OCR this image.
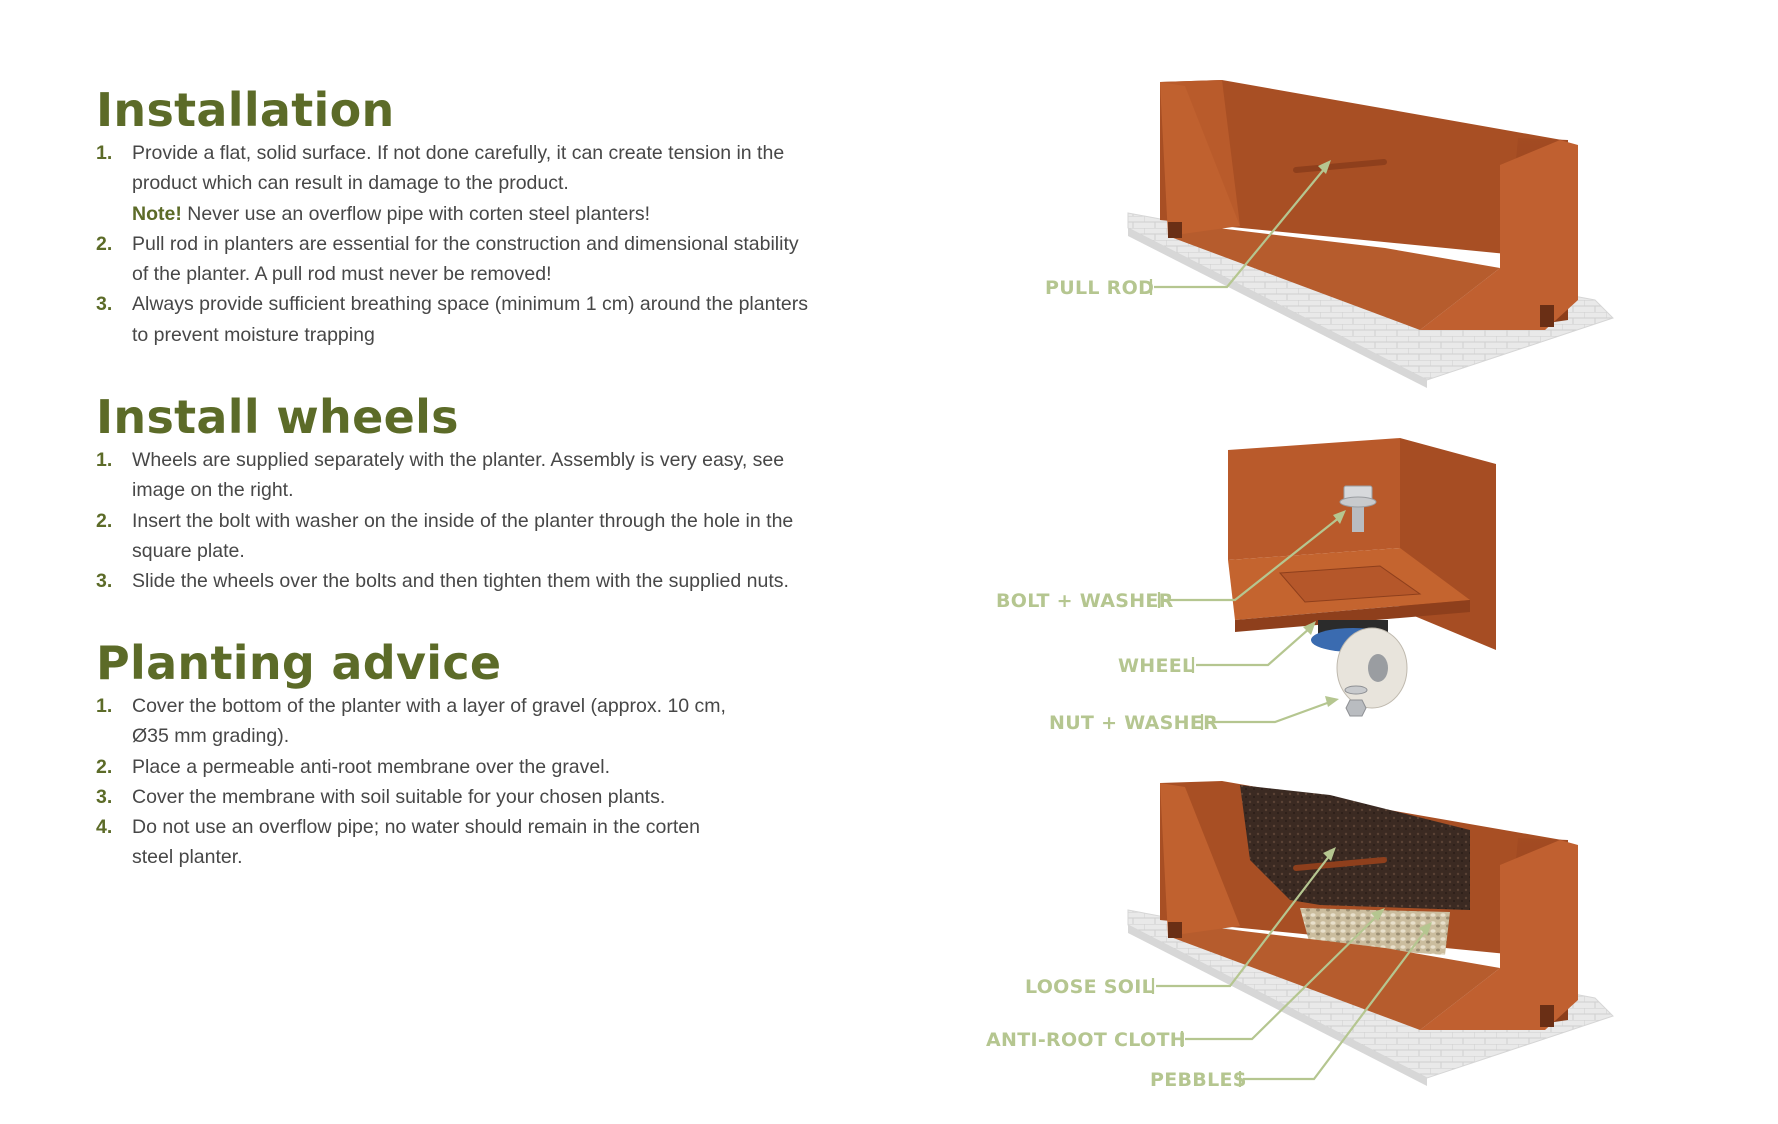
Installation
1. Provide a flat, solid surface. If not done carefully, it can create tension in the
product which can result in damage to the product.
Note! Never use an overflow pipe with corten steel planters!
2. Pull rod in planters are essential for the construction and dimensional stability
of the planter. A pull rod must never be removed!
3. Always provide sufficient breathing space (minimum 1 cm) around the planters
to prevent moisture trapping
Install wheels
1. Wheels are supplied separately with the planter. Assembly is very easy, see
image on the right.
2. Insert the bolt with washer on the inside of the planter through the hole in the
square plate.
3. Slide the wheels over the bolts and then tighten them with the supplied nuts.
Planting advice
1. Cover the bottom of the planter with a layer of gravel (approx. 10 cm,
Ø35 mm grading).
2. Place a permeable anti-root membrane over the gravel.
3. Cover the membrane with soil suitable for your chosen plants.
4. Do not use an overflow pipe; no water should remain in the corten
steel planter.
PULL ROD
BOLT + WASHER
WHEEL
NUT + WASHER
LOOSE SOIL
ANTI-ROOT CLOTH
PEBBLES
